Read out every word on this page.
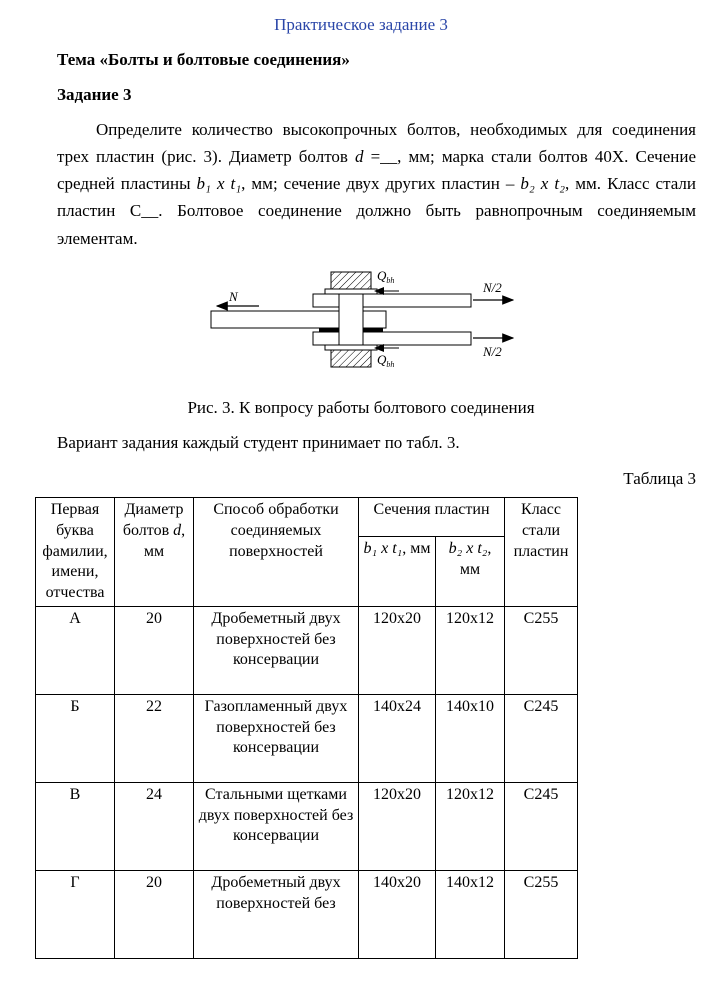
Практическое задание 3
Тема «Болты и болтовые соединения»
Задание 3

Определите количество высокопрочных болтов, необходимых для соединения трех пластин (рис. 3). Диаметр болтов d =__, мм; марка стали болтов 40Х. Сечение средней пластины b₁ x t₁, мм; сечение двух других пластин – b₂ x t₂, мм. Класс стали пластин С__. Болтовое соединение должно быть равнопрочным соединяемым элементам.

N
N/2
N/2
$Q_{bh}$
$Q_{bh}$
Рис. 3. К вопросу работы болтового соединения

Вариант задания каждый студент принимает по табл. 3.

Таблица 3
Первая буква фамилии, имени, отчества	Диаметр болтов d, мм	Способ обработки соединяемых поверхностей	Сечения пластин		Класс стали пластин
			b₁ x t₁, мм	b₂ x t₂, мм	
А	20	Дробеметный двух поверхностей без консервации	120x20	120x12	С255
Б	22	Газопламенный двух поверхностей без консервации	140x24	140x10	С245
В	24	Стальными щетками двух поверхностей без консервации	120x20	120x12	С245
Г	20	Дробеметный двух поверхностей без	140x20	140x12	С255
